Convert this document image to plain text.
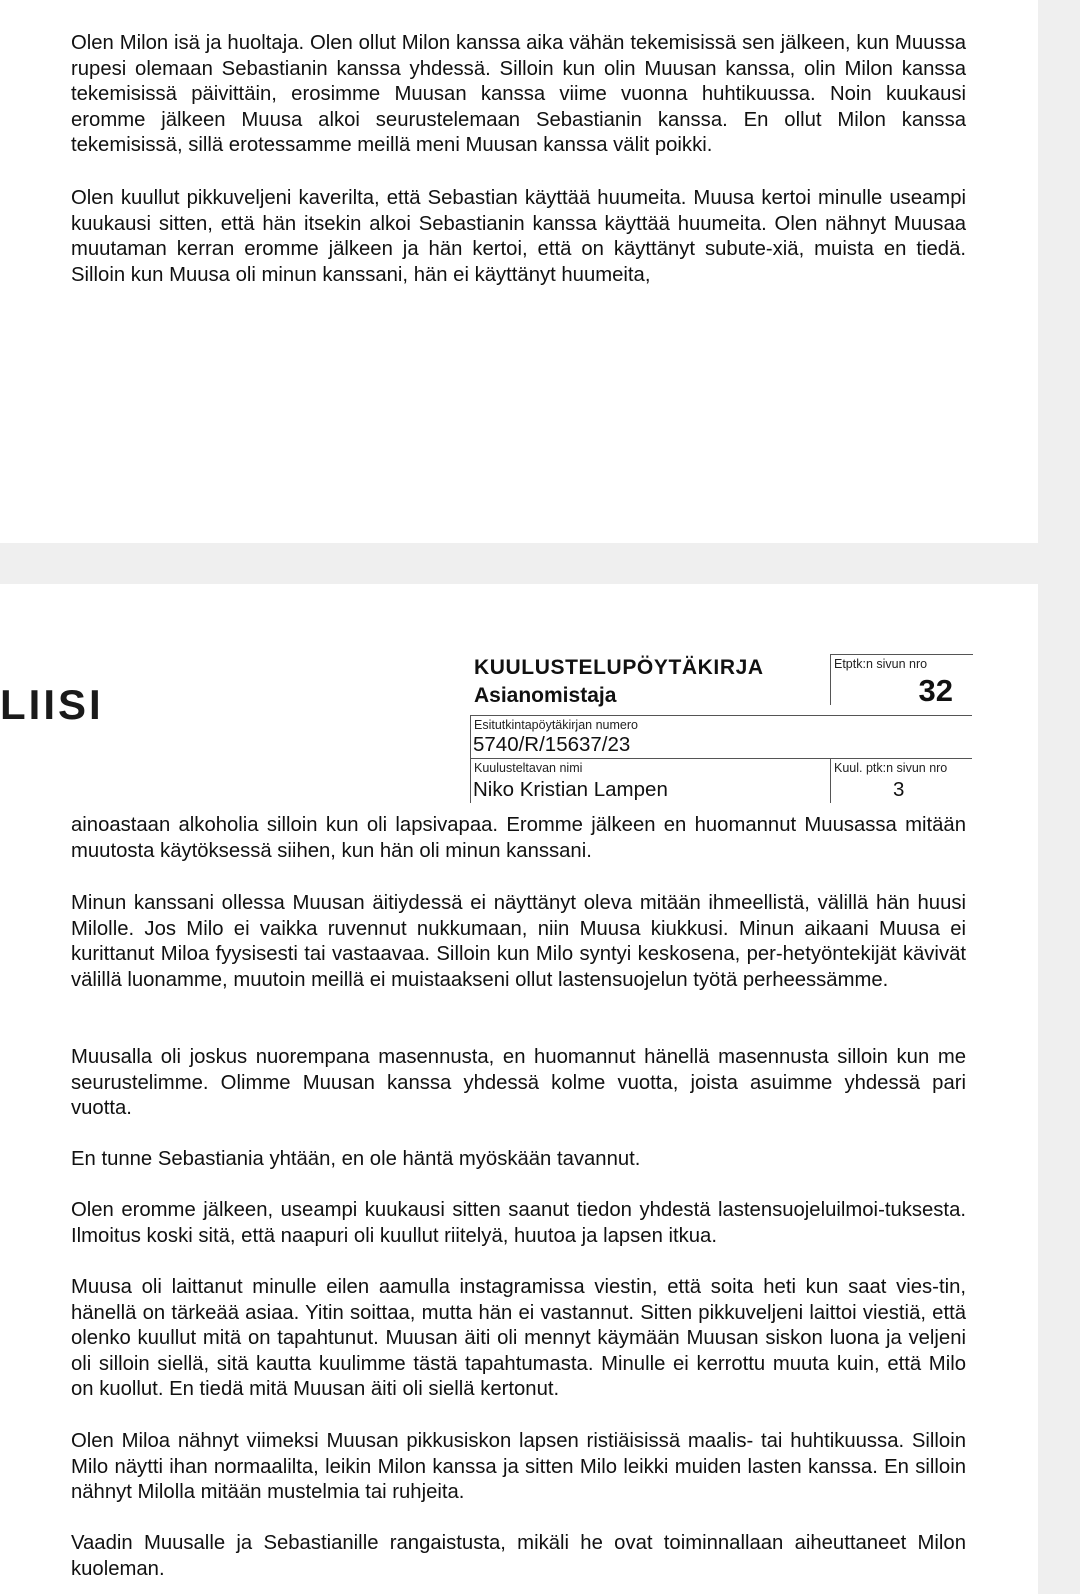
Olen Milon isä ja huoltaja. Olen ollut Milon kanssa aika vähän tekemisissä sen jälkeen, kun Muussa rupesi olemaan Sebastianin kanssa yhdessä. Silloin kun olin Muusan kanssa, olin Milon kanssa tekemisissä päivittäin, erosimme Muusan kanssa viime vuonna huhtikuussa. Noin kuukausi eromme jälkeen Muusa alkoi seurustelemaan Sebastianin kanssa. En ollut Milon kanssa tekemisissä, sillä erotessamme meillä meni Muusan kanssa välit poikki.

Olen kuullut pikkuveljeni kaverilta, että Sebastian käyttää huumeita. Muusa kertoi minulle useampi kuukausi sitten, että hän itsekin alkoi Sebastianin kanssa käyttää huumeita. Olen nähnyt Muusaa muutaman kerran eromme jälkeen ja hän kertoi, että on käyttänyt subute-xiä, muista en tiedä. Silloin kun Muusa oli minun kanssani, hän ei käyttänyt huumeita,

LIISI
KUULUSTELUPÖYTÄKIRJA
Asianomistaja
Etptk:n sivun nro
32
Esitutkintapöytäkirjan numero
5740/R/15637/23
Kuulusteltavan nimi
Niko Kristian Lampen
Kuul. ptk:n sivun nro
3

ainoastaan alkoholia silloin kun oli lapsivapaa. Eromme jälkeen en huomannut Muusassa mitään muutosta käytöksessä siihen, kun hän oli minun kanssani.

Minun kanssani ollessa Muusan äitiydessä ei näyttänyt oleva mitään ihmeellistä, välillä hän huusi Milolle. Jos Milo ei vaikka ruvennut nukkumaan, niin Muusa kiukkusi. Minun aikaani Muusa ei kurittanut Miloa fyysisesti tai vastaavaa. Silloin kun Milo syntyi keskosena, per-hetyöntekijät kävivät välillä luonamme, muutoin meillä ei muistaakseni ollut lastensuojelun työtä perheessämme.

Muusalla oli joskus nuorempana masennusta, en huomannut hänellä masennusta silloin kun me seurustelimme. Olimme Muusan kanssa yhdessä kolme vuotta, joista asuimme yhdessä pari vuotta.

En tunne Sebastiania yhtään, en ole häntä myöskään tavannut.

Olen eromme jälkeen, useampi kuukausi sitten saanut tiedon yhdestä lastensuojeluilmoi-tuksesta. Ilmoitus koski sitä, että naapuri oli kuullut riitelyä, huutoa ja lapsen itkua.

Muusa oli laittanut minulle eilen aamulla instagramissa viestin, että soita heti kun saat vies-tin, hänellä on tärkeää asiaa. Yitin soittaa, mutta hän ei vastannut. Sitten pikkuveljeni laittoi viestiä, että olenko kuullut mitä on tapahtunut. Muusan äiti oli mennyt käymään Muusan siskon luona ja veljeni oli silloin siellä, sitä kautta kuulimme tästä tapahtumasta. Minulle ei kerrottu muuta kuin, että Milo on kuollut. En tiedä mitä Muusan äiti oli siellä kertonut.

Olen Miloa nähnyt viimeksi Muusan pikkusiskon lapsen ristiäisissä maalis- tai huhtikuussa. Silloin Milo näytti ihan normaalilta, leikin Milon kanssa ja sitten Milo leikki muiden lasten kanssa. En silloin nähnyt Milolla mitään mustelmia tai ruhjeita.

Vaadin Muusalle ja Sebastianille rangaistusta, mikäli he ovat toiminnallaan aiheuttaneet Milon kuoleman.
